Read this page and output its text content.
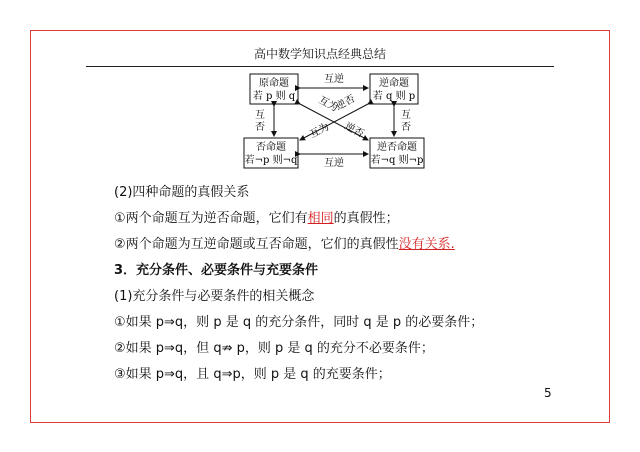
高中数学知识点经典总结
原命题
若 p 则 q
逆命题
若 q 则 p
否命题
若¬p 则¬q
逆否命题
若¬q 则¬p
互逆
互逆
互
否
互
否
互为
逆否
互为 逆否
(2)四种命题的真假关系
①两个命题互为逆否命题，它们有相同的真假性；
②两个命题为互逆命题或互否命题，它们的真假性没有关系.
3．充分条件、必要条件与充要条件
(1)充分条件与必要条件的相关概念
①如果 p⇒q，则 p 是 q 的充分条件，同时 q 是 p 的必要条件；
②如果 p⇒q，但 q⇏ p，则 p 是 q 的充分不必要条件；
③如果 p⇒q，且 q⇒p，则 p 是 q 的充要条件；
5
